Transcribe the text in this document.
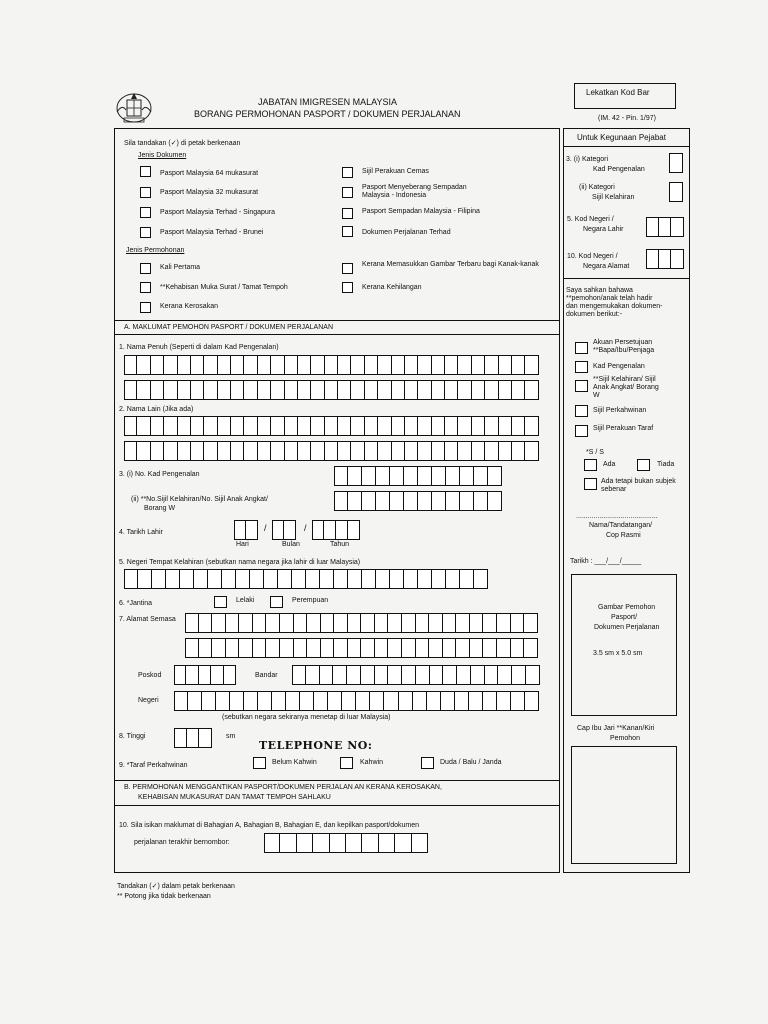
JABATAN IMIGRESEN MALAYSIA
BORANG PERMOHONAN PASPORT / DOKUMEN PERJALANAN
Lekatkan Kod Bar
(IM. 42 - Pin. 1/97)
Sila tandakan (✓) di petak berkenaan
Jenis Dokumen
Pasport Malaysia 64 mukasurat
Pasport Malaysia 32 mukasurat
Pasport Malaysia Terhad - Singapura
Pasport Malaysia Terhad - Brunei
Sijil Perakuan Cemas
Pasport Menyeberang Sempadan Malaysia - Indonesia
Pasport Sempadan Malaysia - Filipina
Dokumen Perjalanan Terhad
Jenis Permohonan
Kali Pertama
**Kehabisan Muka Surat / Tamat Tempoh
Kerana Kerosakan
Kerana Memasukkan Gambar Terbaru bagi Kanak-kanak
Kerana Kehilangan
A. MAKLUMAT PEMOHON PASPORT / DOKUMEN PERJALANAN
1. Nama Penuh (Seperti di dalam Kad Pengenalan)
2. Nama Lain (Jika ada)
3. (i) No. Kad Pengenalan
(ii) **No.Sijil Kelahiran/No. Sijil Anak Angkat/
Borang W
4. Tarikh Lahir	/	/
Hari	Bulan	Tahun
5. Negeri Tempat Kelahiran (sebutkan nama negara jika lahir di luar Malaysia)
6. *Jantina	Lelaki	Perempuan
7. Alamat Semasa
Poskod	Bandar
Negeri
(sebutkan negara sekiranya menetap di luar Malaysia)
8. Tinggi	sm
TELEPHONE NO:
9. *Taraf Perkahwinan	Belum Kahwin	Kahwin	Duda / Balu / Janda
B. PERMOHONAN MENGGANTIKAN PASPORT/DOKUMEN PERJALAN AN KERANA KEROSAKAN,
KEHABISAN MUKASURAT DAN TAMAT TEMPOH SAHLAKU
10. Sila isikan maklumat di Bahagian A, Bahagian B, Bahagian E, dan kepilkan pasport/dokumen
perjalanan terakhir bernombor:
Untuk Kegunaan Pejabat
3. (i) Kategori
Kad Pengenalan
(ii) Kategori
Sijil Kelahiran
5. Kod Negeri /
Negara Lahir
10. Kod Negeri /
Negara Alamat
Saya sahkan bahawa **pemohon/anak telah hadir dan mengemukakan dokumen-dokumen berikut:-
Akuan Persetujuan **Bapa/Ibu/Penjaga
Kad Pengenalan
**Sijil Kelahiran/ Sijil Anak Angkat/ Borang W
Sijil Perkahwinan
Sijil Perakuan Taraf
*S / S
Ada	Tiada
Ada tetapi bukan subjek sebenar
..........................................
Nama/Tandatangan/
Cop Rasmi
Tarikh : ___/___/_____
Gambar Pemohon
Pasport/
Dokumen Perjalanan
3.5 sm x 5.0 sm
Cap Ibu Jari **Kanan/Kiri
Pemohon
Tandakan (✓) dalam petak berkenaan
** Potong jika tidak berkenaan
